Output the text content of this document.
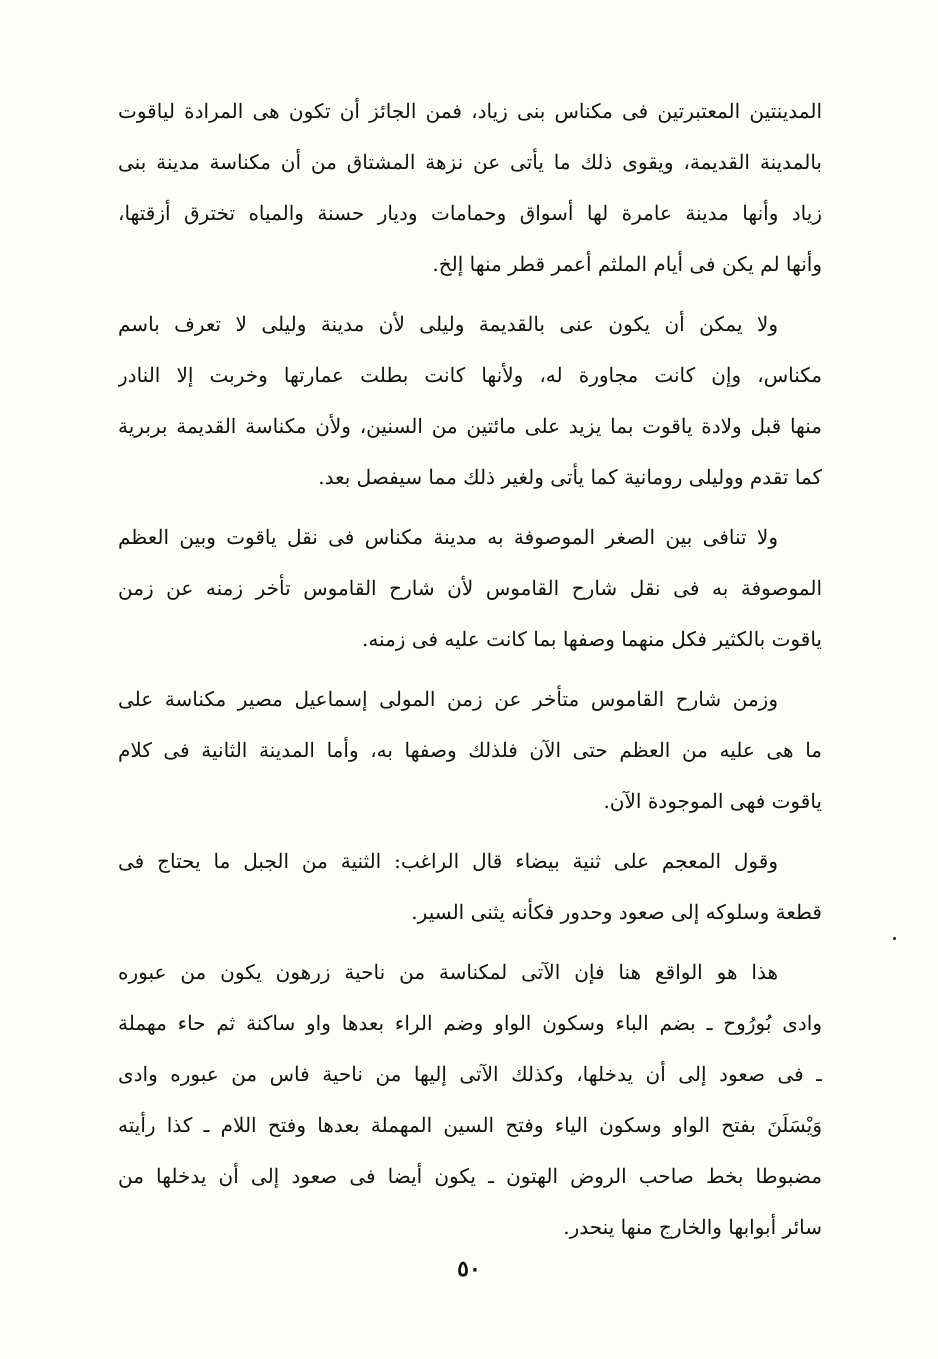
المدينتين المعتبرتين فى مكناس بنى زياد، فمن الجائز أن تكون هى المرادة لياقوت
بالمدينة القديمة، ويقوى ذلك ما يأتى عن نزهة المشتاق من أن مكناسة مدينة بنى
زياد وأنها مدينة عامرة لها أسواق وحمامات وديار حسنة والمياه تخترق أزقتها،
وأنها لم يكن فى أيام الملثم أعمر قطر منها إلخ.

ولا يمكن أن يكون عنى بالقديمة وليلى لأن مدينة وليلى لا تعرف باسم
مكناس، وإن كانت مجاورة له، ولأنها كانت بطلت عمارتها وخربت إلا النادر
منها قبل ولادة ياقوت بما يزيد على مائتين من السنين، ولأن مكناسة القديمة بربرية
كما تقدم ووليلى رومانية كما يأتى ولغير ذلك مما سيفصل بعد.

ولا تنافى بين الصغر الموصوفة به مدينة مكناس فى نقل ياقوت وبين العظم
الموصوفة به فى نقل شارح القاموس لأن شارح القاموس تأخر زمنه عن زمن
ياقوت بالكثير فكل منهما وصفها بما كانت عليه فى زمنه.

وزمن شارح القاموس متأخر عن زمن المولى إسماعيل مصير مكناسة على
ما هى عليه من العظم حتى الآن فلذلك وصفها به، وأما المدينة الثانية فى كلام
ياقوت فهى الموجودة الآن.

وقول المعجم على ثنية بيضاء قال الراغب: الثنية من الجبل ما يحتاج فى
قطعة وسلوكه إلى صعود وحدور فكأنه يثنى السير.

هذا هو الواقع هنا فإن الآتى لمكناسة من ناحية زرهون يكون من عبوره
وادى بُورُوح ـ بضم الباء وسكون الواو وضم الراء بعدها واو ساكنة ثم حاء مهملة
ـ فى صعود إلى أن يدخلها، وكذلك الآتى إليها من ناحية فاس من عبوره وادى
وَيْسَلَنَ بفتح الواو وسكون الياء وفتح السين المهملة بعدها وفتح اللام ـ كذا رأيته
مضبوطا بخط صاحب الروض الهتون ـ يكون أيضا فى صعود إلى أن يدخلها من
سائر أبوابها والخارج منها ينحدر.

٥٠
